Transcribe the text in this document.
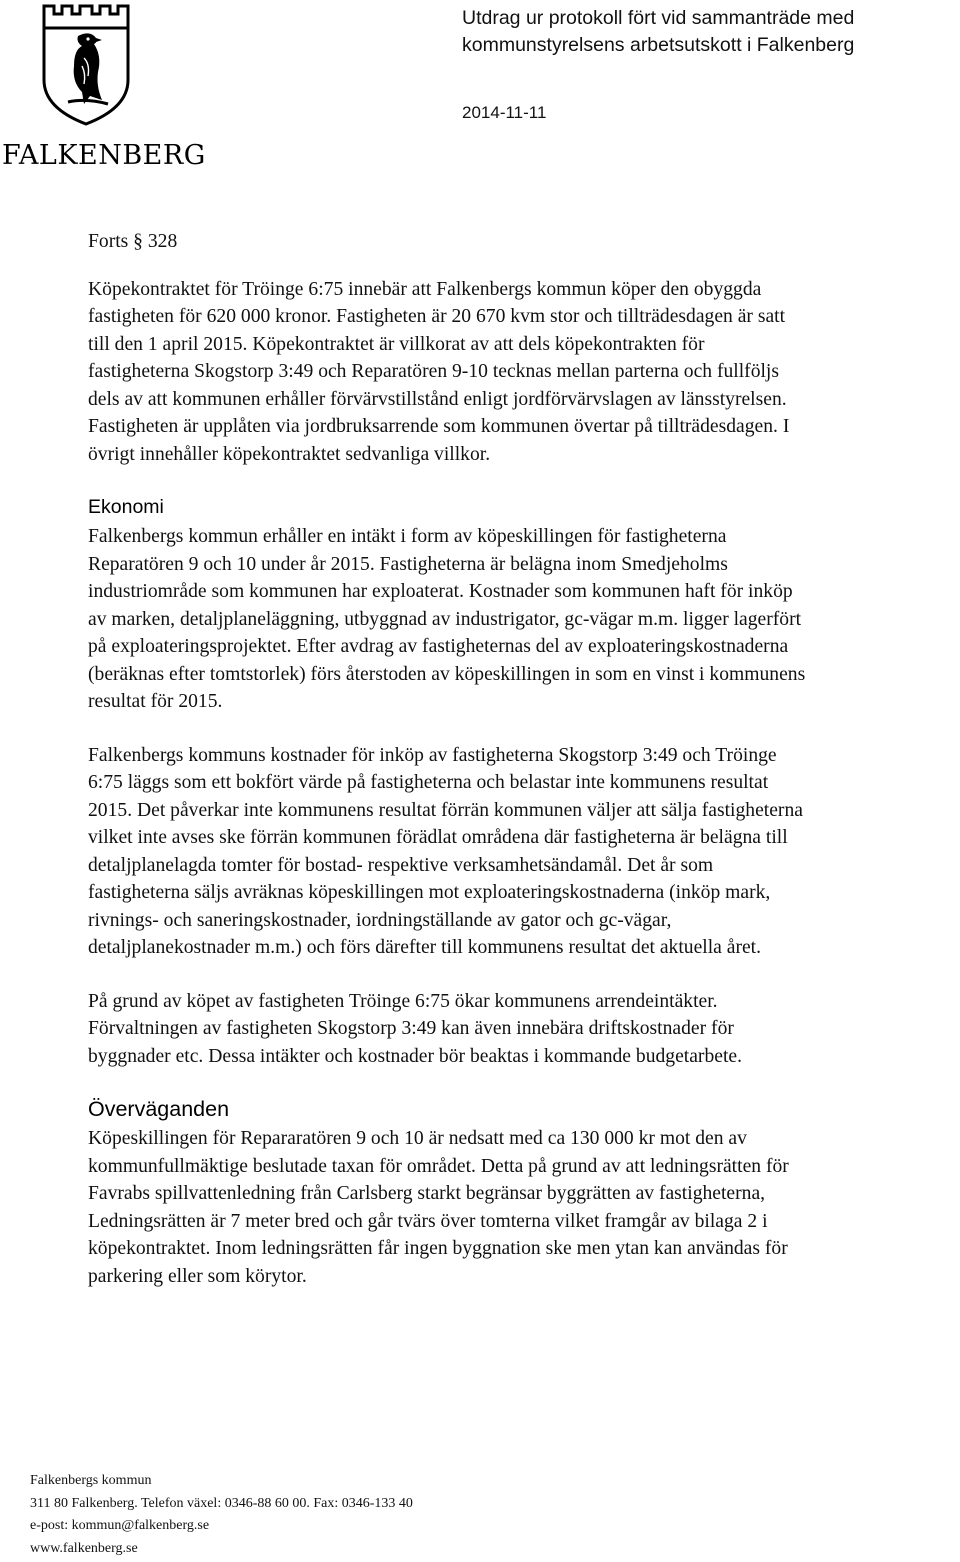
FALKENBERG
Utdrag ur protokoll fört vid sammanträde med
kommunstyrelsens arbetsutskott i Falkenberg
2014-11-11
Forts § 328

Köpekontraktet för Tröinge 6:75 innebär att Falkenbergs kommun köper den obyggda
fastigheten för 620 000 kronor. Fastigheten är 20 670 kvm stor och tillträdesdagen är satt
till den 1 april 2015. Köpekontraktet är villkorat av att dels köpekontrakten för
fastigheterna Skogstorp 3:49 och Reparatören 9-10 tecknas mellan parterna och fullföljs
dels av att kommunen erhåller förvärvstillstånd enligt jordförvärvslagen av länsstyrelsen.
Fastigheten är upplåten via jordbruksarrende som kommunen övertar på tillträdesdagen. I
övrigt innehåller köpekontraktet sedvanliga villkor.

Ekonomi

Falkenbergs kommun erhåller en intäkt i form av köpeskillingen för fastigheterna
Reparatören 9 och 10 under år 2015. Fastigheterna är belägna inom Smedjeholms
industriområde som kommunen har exploaterat. Kostnader som kommunen haft för inköp
av marken, detaljplaneläggning, utbyggnad av industrigator, gc-vägar m.m. ligger lagerfört
på exploateringsprojektet. Efter avdrag av fastigheternas del av exploateringskostnaderna
(beräknas efter tomtstorlek) förs återstoden av köpeskillingen in som en vinst i kommunens
resultat för 2015.

Falkenbergs kommuns kostnader för inköp av fastigheterna Skogstorp 3:49 och Tröinge
6:75 läggs som ett bokfört värde på fastigheterna och belastar inte kommunens resultat
2015. Det påverkar inte kommunens resultat förrän kommunen väljer att sälja fastigheterna
vilket inte avses ske förrän kommunen förädlat områdena där fastigheterna är belägna till
detaljplanelagda tomter för bostad- respektive verksamhetsändamål. Det år som
fastigheterna säljs avräknas köpeskillingen mot exploateringskostnaderna (inköp mark,
rivnings- och saneringskostnader, iordningställande av gator och gc-vägar,
detaljplanekostnader m.m.) och förs därefter till kommunens resultat det aktuella året.

På grund av köpet av fastigheten Tröinge 6:75 ökar kommunens arrendeintäkter.
Förvaltningen av fastigheten Skogstorp 3:49 kan även innebära driftskostnader för
byggnader etc. Dessa intäkter och kostnader bör beaktas i kommande budgetarbete.

Överväganden

Köpeskillingen för Repararatören 9 och 10 är nedsatt med ca 130 000 kr mot den av
kommunfullmäktige beslutade taxan för området. Detta på grund av att ledningsrätten för
Favrabs spillvattenledning från Carlsberg starkt begränsar byggrätten av fastigheterna,
Ledningsrätten är 7 meter bred och går tvärs över tomterna vilket framgår av bilaga 2 i
köpekontraktet. Inom ledningsrätten får ingen byggnation ske men ytan kan användas för
parkering eller som körytor.

Falkenbergs kommun
311 80 Falkenberg. Telefon växel: 0346-88 60 00. Fax: 0346-133 40
e-post: kommun@falkenberg.se
www.falkenberg.se
